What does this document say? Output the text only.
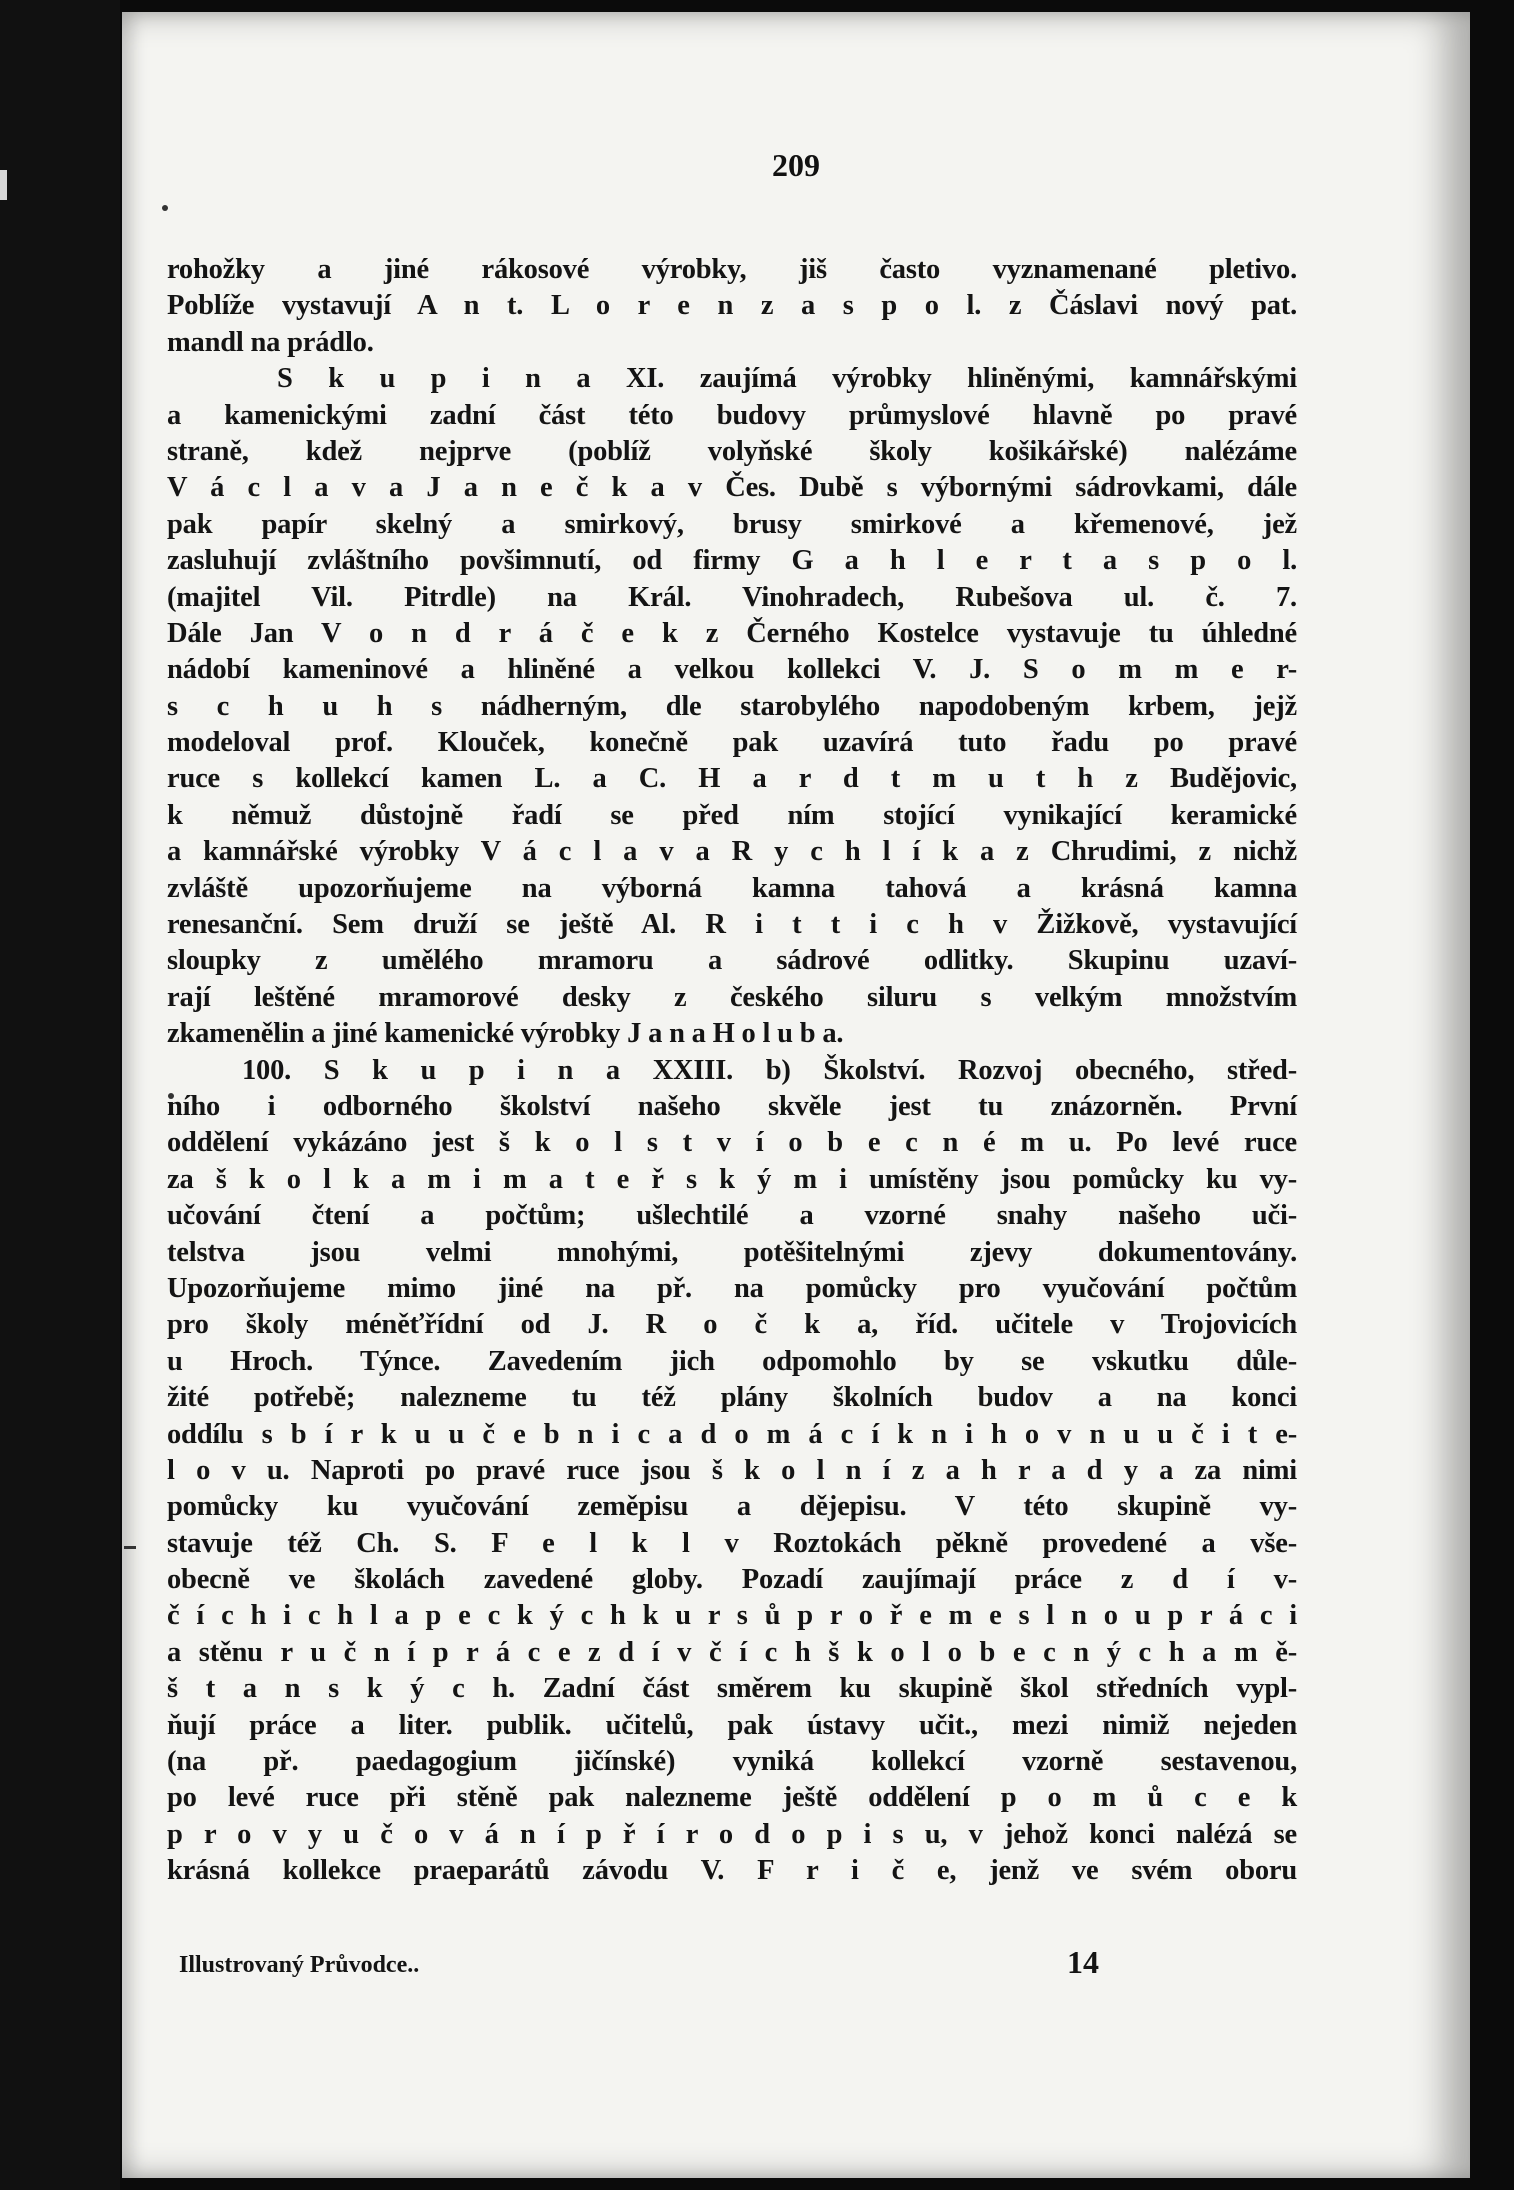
209
rohožky a jiné rákosové výrobky, jiš často vyznamenané pletivo.
Poblíže vystavují A n t. L o r e n z a s p o l. z Čáslavi nový pat.
mandl na prádlo.
S k u p i n a XI. zaujímá výrobky hliněnými, kamnářskými
a kamenickými zadní část této budovy průmyslové hlavně po pravé
straně, kdež nejprve (poblíž volyňské školy košikářské) nalézáme
V á c l a v a J a n e č k a v Čes. Dubě s výbornými sádrovkami, dále
pak papír skelný a smirkový, brusy smirkové a křemenové, jež
zasluhují zvláštního povšimnutí, od firmy G a h l e r t a s p o l.
(majitel Vil. Pitrdle) na Král. Vinohradech, Rubešova ul. č. 7.
Dále Jan V o n d r á č e k z Černého Kostelce vystavuje tu úhledné
nádobí kameninové a hliněné a velkou kollekci V. J. S o m m e r-
s c h u h s nádherným, dle starobylého napodobeným krbem, jejž
modeloval prof. Klouček, konečně pak uzavírá tuto řadu po pravé
ruce s kollekcí kamen L. a C. H a r d t m u t h z Budějovic,
k němuž důstojně řadí se před ním stojící vynikající keramické
a kamnářské výrobky V á c l a v a R y c h l í k a z Chrudimi, z nichž
zvláště upozorňujeme na výborná kamna tahová a krásná kamna
renesanční. Sem druží se ještě Al. R i t t i c h v Žižkově, vystavující
sloupky z umělého mramoru a sádrové odlitky. Skupinu uzaví-
rají leštěné mramorové desky z českého siluru s velkým množstvím
zkamenělin a jiné kamenické výrobky J a n a H o l u b a.
100. S k u p i n a XXIII. b) Školství. Rozvoj obecného, střed-
ního i odborného školství našeho skvěle jest tu znázorněn. První
oddělení vykázáno jest š k o l s t v í o b e c n é m u. Po levé ruce
za š k o l k a m i m a t e ř s k ý m i umístěny jsou pomůcky ku vy-
učování čtení a počtům; ušlechtilé a vzorné snahy našeho uči-
telstva jsou velmi mnohými, potěšitelnými zjevy dokumentovány.
Upozorňujeme mimo jiné na př. na pomůcky pro vyučování počtům
pro školy méněťřídní od J. R o č k a, říd. učitele v Trojovicích
u Hroch. Týnce. Zavedením jich odpomohlo by se vskutku důle-
žité potřebě; nalezneme tu též plány školních budov a na konci
oddílu s b í r k u u č e b n i c a d o m á c í k n i h o v n u u č i t e-
l o v u. Naproti po pravé ruce jsou š k o l n í z a h r a d y a za nimi
pomůcky ku vyučování zeměpisu a dějepisu. V této skupině vy-
stavuje též Ch. S. F e l k l v Roztokách pěkně provedené a vše-
obecně ve školách zavedené globy. Pozadí zaujímají práce z d í v-
č í c h i c h l a p e c k ý c h k u r s ů p r o ř e m e s l n o u p r á c i
a stěnu r u č n í p r á c e z d í v č í c h š k o l o b e c n ý c h a m ě-
š t a n s k ý c h. Zadní část směrem ku skupině škol středních vypl-
ňují práce a liter. publik. učitelů, pak ústavy učit., mezi nimiž nejeden
(na př. paedagogium jičínské) vyniká kollekcí vzorně sestavenou,
po levé ruce při stěně pak nalezneme ještě oddělení p o m ů c e k
p r o v y u č o v á n í p ř í r o d o p i s u, v jehož konci nalézá se
krásná kollekce praeparátů závodu V. F r i č e, jenž ve svém oboru
Illustrovaný Průvodce..	14
